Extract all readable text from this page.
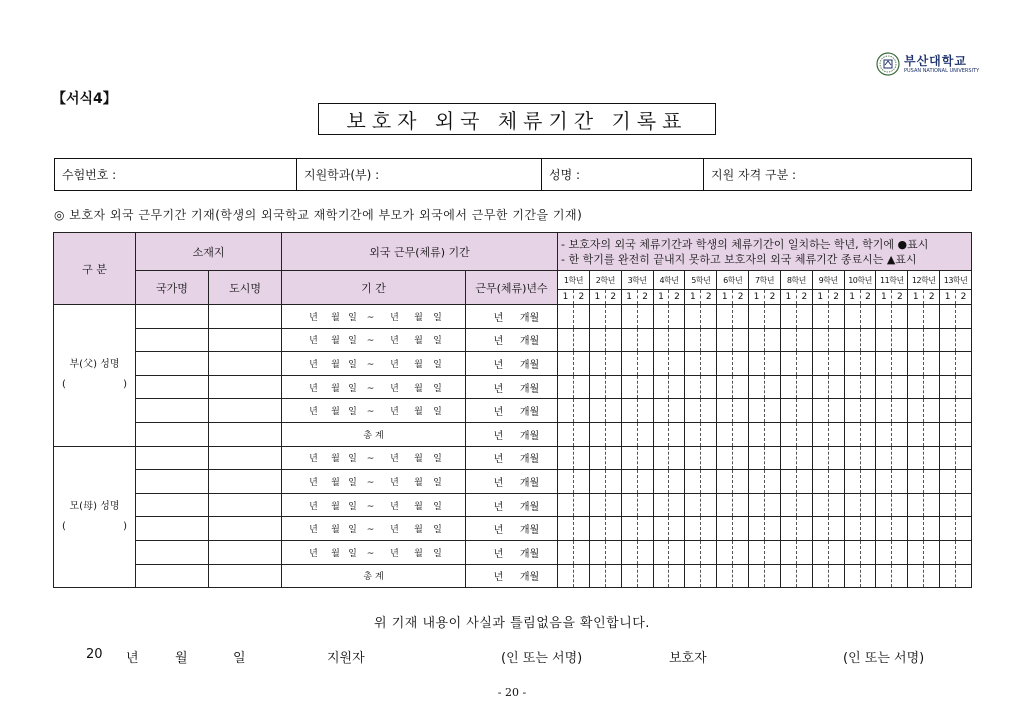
부산대학교
PUSAN NATIONAL UNIVERSITY
【서식4】
보호자 외국 체류기간 기록표
수험번호 :	지원학과(부) :	성명 :	지원 자격 구분 :
◎ 보호자 외국 근무기간 기재(학생의 외국학교 재학기간에 부모가 외국에서 근무한 기간을 기재)
구 분	소재지		외국 근무(체류) 기간		- 보호자의 외국 체류기간과 학생의 체류기간이 일치하는 학년, 학기에 ●표시
- 한 학기를 완전히 끝내지 못하고 보호자의 외국 체류기간 종료시는 ▲표시																									

	국가명	도시명	기 간	근무(체류)년수	1학년		2학년		3학년		4학년		5학년		6학년		7학년		8학년		9학년		10학년		11학년		12학년		13학년	
					1	2	1	2	1	2	1	2	1	2	1	2	1	2	1	2	1	2	1	2	1	2	1	2	1	2

부(父) 성명
( )			년 월 일 ~ 년 월 일	년 개월																										
			년 월 일 ~ 년 월 일	년 개월																										
			년 월 일 ~ 년 월 일	년 개월																										
			년 월 일 ~ 년 월 일	년 개월																										
			년 월 일 ~ 년 월 일	년 개월																										
			총 계	년 개월																										

모(母) 성명
( )			년 월 일 ~ 년 월 일	년 개월																										
			년 월 일 ~ 년 월 일	년 개월																										
			년 월 일 ~ 년 월 일	년 개월																										
			년 월 일 ~ 년 월 일	년 개월																										
			년 월 일 ~ 년 월 일	년 개월																										
			총 계	년 개월																										
위 기재 내용이 사실과 틀림없음을 확인합니다.
20 년	월	일	지원자	(인 또는 서명)	보호자	(인 또는 서명)
- 20 -
